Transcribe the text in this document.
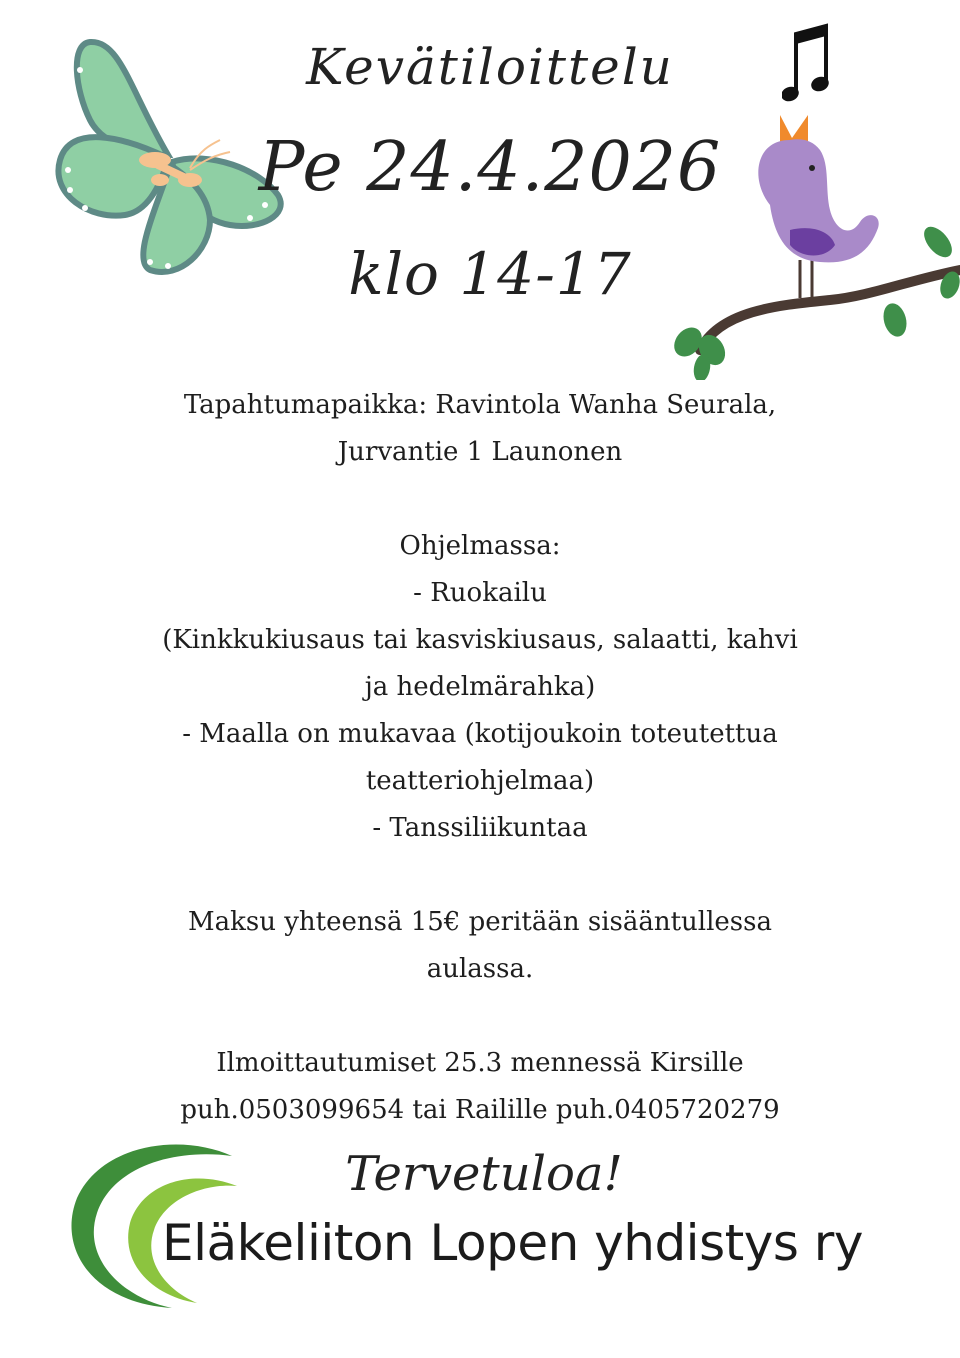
Kevätiloittelu
Pe 24.4.2026
klo 14-17
Tapahtumapaikka: Ravintola Wanha Seurala,
Jurvantie 1 Launonen
Ohjelmassa:
- Ruokailu
(Kinkkukiusaus tai kasviskiusaus, salaatti, kahvi
ja hedelmärahka)
- Maalla on mukavaa (kotijoukoin toteutettua
teatteriohjelmaa)
- Tanssiliikuntaa
Maksu yhteensä 15€ peritään sisääntullessa
aulassa.
Ilmoittautumiset 25.3 mennessä Kirsille
puh.0503099654 tai Railille puh.0405720279
Tervetuloa!
Eläkeliiton Lopen yhdistys ry
